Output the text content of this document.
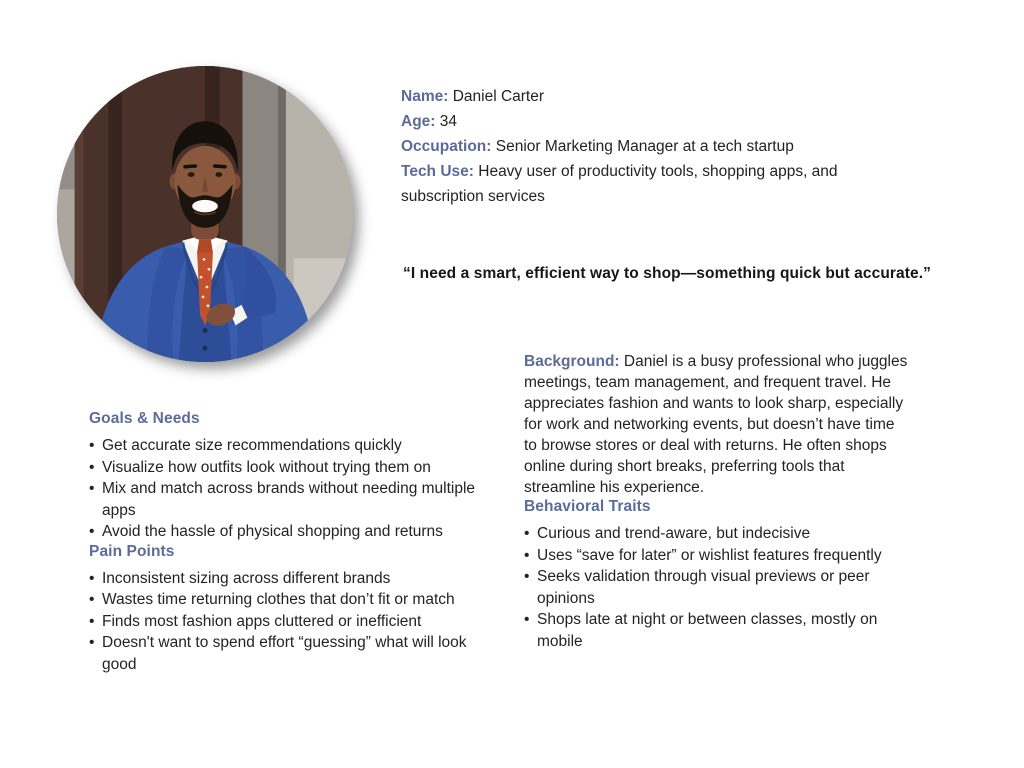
Name: Daniel Carter
Age: 34
Occupation: Senior Marketing Manager at a tech startup
Tech Use: Heavy user of productivity tools, shopping apps, and subscription services
“I need a smart, efficient way to shop—something quick but accurate.”
Goals & Needs
• Get accurate size recommendations quickly
• Visualize how outfits look without trying them on
• Mix and match across brands without needing multiple apps
• Avoid the hassle of physical shopping and returns
Pain Points
• Inconsistent sizing across different brands
• Wastes time returning clothes that don’t fit or match
• Finds most fashion apps cluttered or inefficient
• Doesn't want to spend effort “guessing” what will look good

Background: Daniel is a busy professional who juggles meetings, team management, and frequent travel. He appreciates fashion and wants to look sharp, especially for work and networking events, but doesn’t have time to browse stores or deal with returns. He often shops online during short breaks, preferring tools that streamline his experience.

Behavioral Traits
• Curious and trend-aware, but indecisive
• Uses “save for later” or wishlist features frequently
• Seeks validation through visual previews or peer opinions
• Shops late at night or between classes, mostly on mobile
